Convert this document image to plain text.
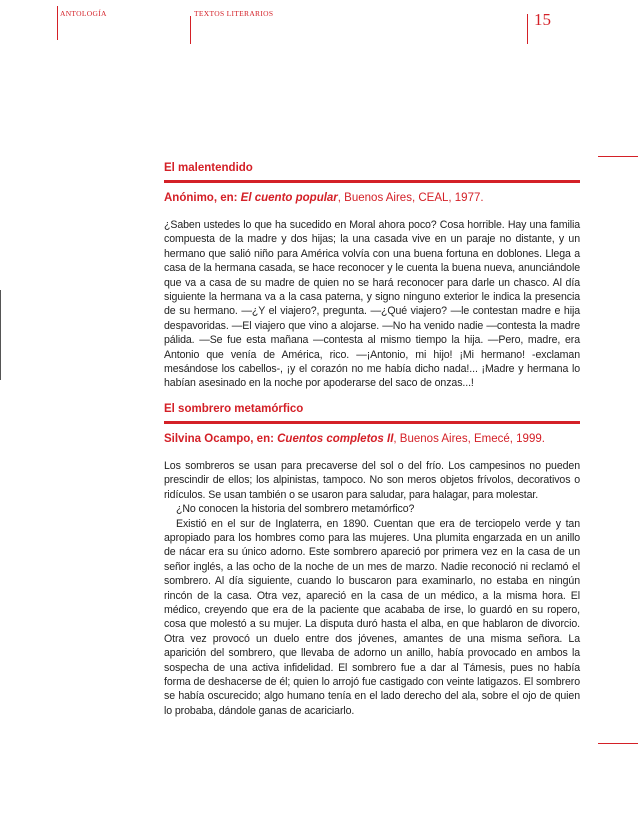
ANTOLOGÍA	TEXTOS LITERARIOS	15
El malentendido

Anónimo, en: El cuento popular, Buenos Aires, CEAL, 1977.

¿Saben ustedes lo que ha sucedido en Moral ahora poco? Cosa horrible. Hay una familia compuesta de la madre y dos hijas; la una casada vive en un paraje no distante, y un hermano que salió niño para América volvía con una buena fortuna en doblones. Llega a casa de la hermana casada, se hace reconocer y le cuenta la buena nueva, anunciándole que va a casa de su madre de quien no se hará reconocer para darle un chasco. Al día siguiente la hermana va a la casa paterna, y signo ninguno exterior le indica la presencia de su hermano. —¿Y el viajero?, pregunta. —¿Qué viajero? —le contestan madre e hija despavoridas. —El viajero que vino a alojarse. —No ha venido nadie —contesta la madre pálida. —Se fue esta mañana —contesta al mismo tiempo la hija. —Pero, madre, era Antonio que venía de América, rico. —¡Antonio, mi hijo! ¡Mi hermano! -exclaman mesándose los cabellos-, ¡y el corazón no me había dicho nada!... ¡Madre y hermana lo habían asesinado en la noche por apoderarse del saco de onzas...!

El sombrero metamórfico

Silvina Ocampo, en: Cuentos completos II, Buenos Aires, Emecé, 1999.

Los sombreros se usan para precaverse del sol o del frío. Los campesinos no pueden prescindir de ellos; los alpinistas, tampoco. No son meros objetos frívolos, decorativos o ridículos. Se usan también o se usaron para saludar, para halagar, para molestar.

¿No conocen la historia del sombrero metamórfico?

Existió en el sur de Inglaterra, en 1890. Cuentan que era de terciopelo verde y tan apropiado para los hombres como para las mujeres. Una plumita engarzada en un anillo de nácar era su único adorno. Este sombrero apareció por primera vez en la casa de un señor inglés, a las ocho de la noche de un mes de marzo. Nadie reconoció ni reclamó el sombrero. Al día siguiente, cuando lo buscaron para examinarlo, no estaba en ningún rincón de la casa. Otra vez, apareció en la casa de un médico, a la misma hora. El médico, creyendo que era de la paciente que acababa de irse, lo guardó en su ropero, cosa que molestó a su mujer. La disputa duró hasta el alba, en que hablaron de divorcio. Otra vez provocó un duelo entre dos jóvenes, amantes de una misma señora. La aparición del sombrero, que llevaba de adorno un anillo, había provocado en ambos la sospecha de una activa infidelidad. El sombrero fue a dar al Támesis, pues no había forma de deshacerse de él; quien lo arrojó fue castigado con veinte latigazos. El sombrero se había oscurecido; algo humano tenía en el lado derecho del ala, sobre el ojo de quien lo probaba, dándole ganas de acariciarlo.
